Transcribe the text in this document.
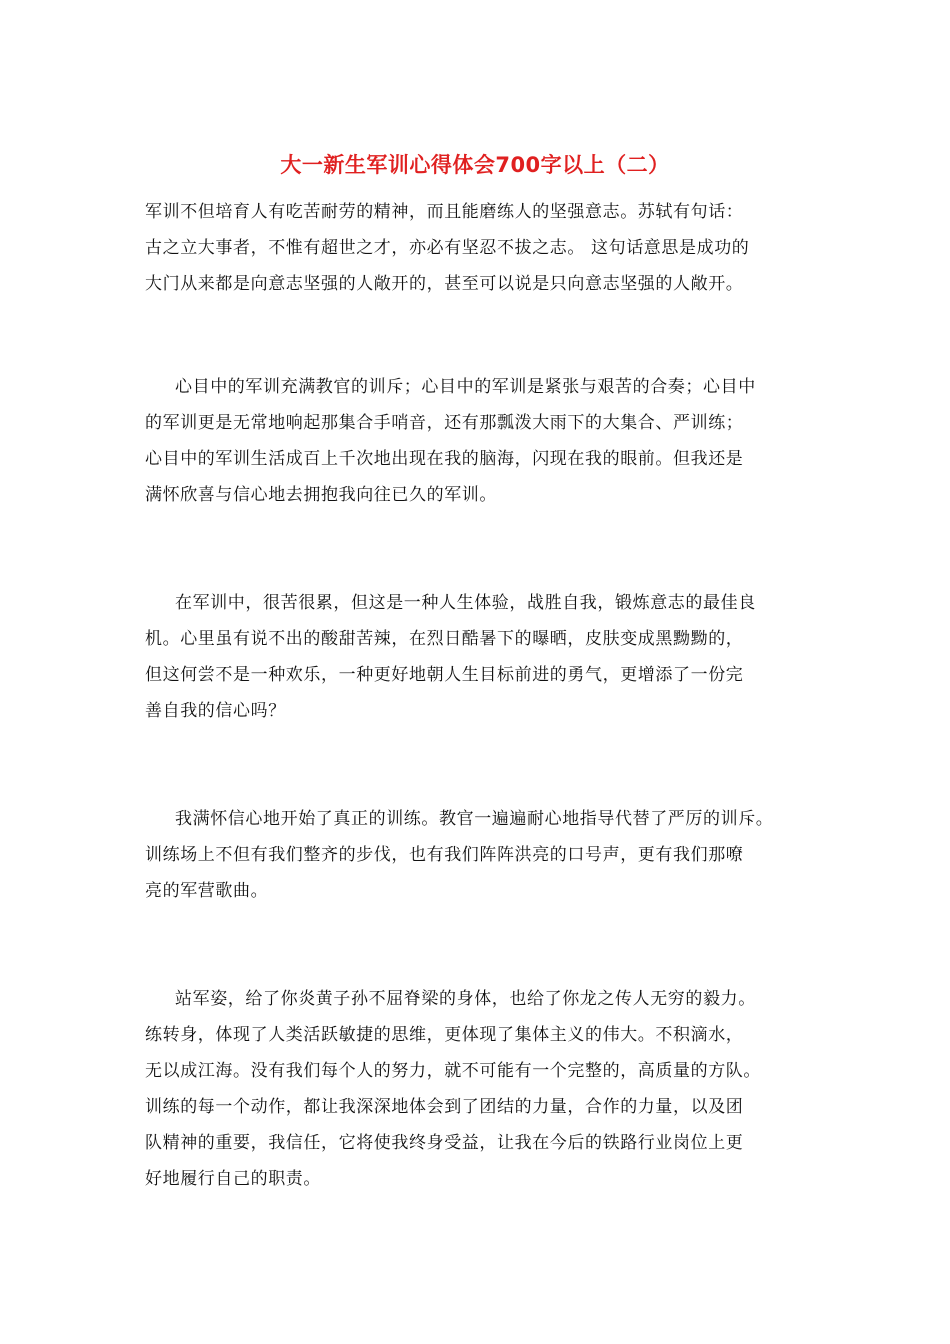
大一新生军训心得体会700字以上（二）
军训不但培育人有吃苦耐劳的精神，而且能磨练人的坚强意志。苏轼有句话：
古之立大事者，不惟有超世之才，亦必有坚忍不拔之志。 这句话意思是成功的
大门从来都是向意志坚强的人敞开的，甚至可以说是只向意志坚强的人敞开。
心目中的军训充满教官的训斥；心目中的军训是紧张与艰苦的合奏；心目中
的军训更是无常地响起那集合手哨音，还有那瓢泼大雨下的大集合、严训练；
心目中的军训生活成百上千次地出现在我的脑海，闪现在我的眼前。但我还是
满怀欣喜与信心地去拥抱我向往已久的军训。
在军训中，很苦很累，但这是一种人生体验，战胜自我，锻炼意志的最佳良
机。心里虽有说不出的酸甜苦辣，在烈日酷暑下的曝晒，皮肤变成黑黝黝的，
但这何尝不是一种欢乐，一种更好地朝人生目标前进的勇气，更增添了一份完
善自我的信心吗？
我满怀信心地开始了真正的训练。教官一遍遍耐心地指导代替了严厉的训斥。
训练场上不但有我们整齐的步伐，也有我们阵阵洪亮的口号声，更有我们那嘹
亮的军营歌曲。
站军姿，给了你炎黄子孙不屈脊梁的身体，也给了你龙之传人无穷的毅力。
练转身，体现了人类活跃敏捷的思维，更体现了集体主义的伟大。不积滴水，
无以成江海。没有我们每个人的努力，就不可能有一个完整的，高质量的方队。
训练的每一个动作，都让我深深地体会到了团结的力量，合作的力量，以及团
队精神的重要，我信任，它将使我终身受益，让我在今后的铁路行业岗位上更
好地履行自己的职责。
